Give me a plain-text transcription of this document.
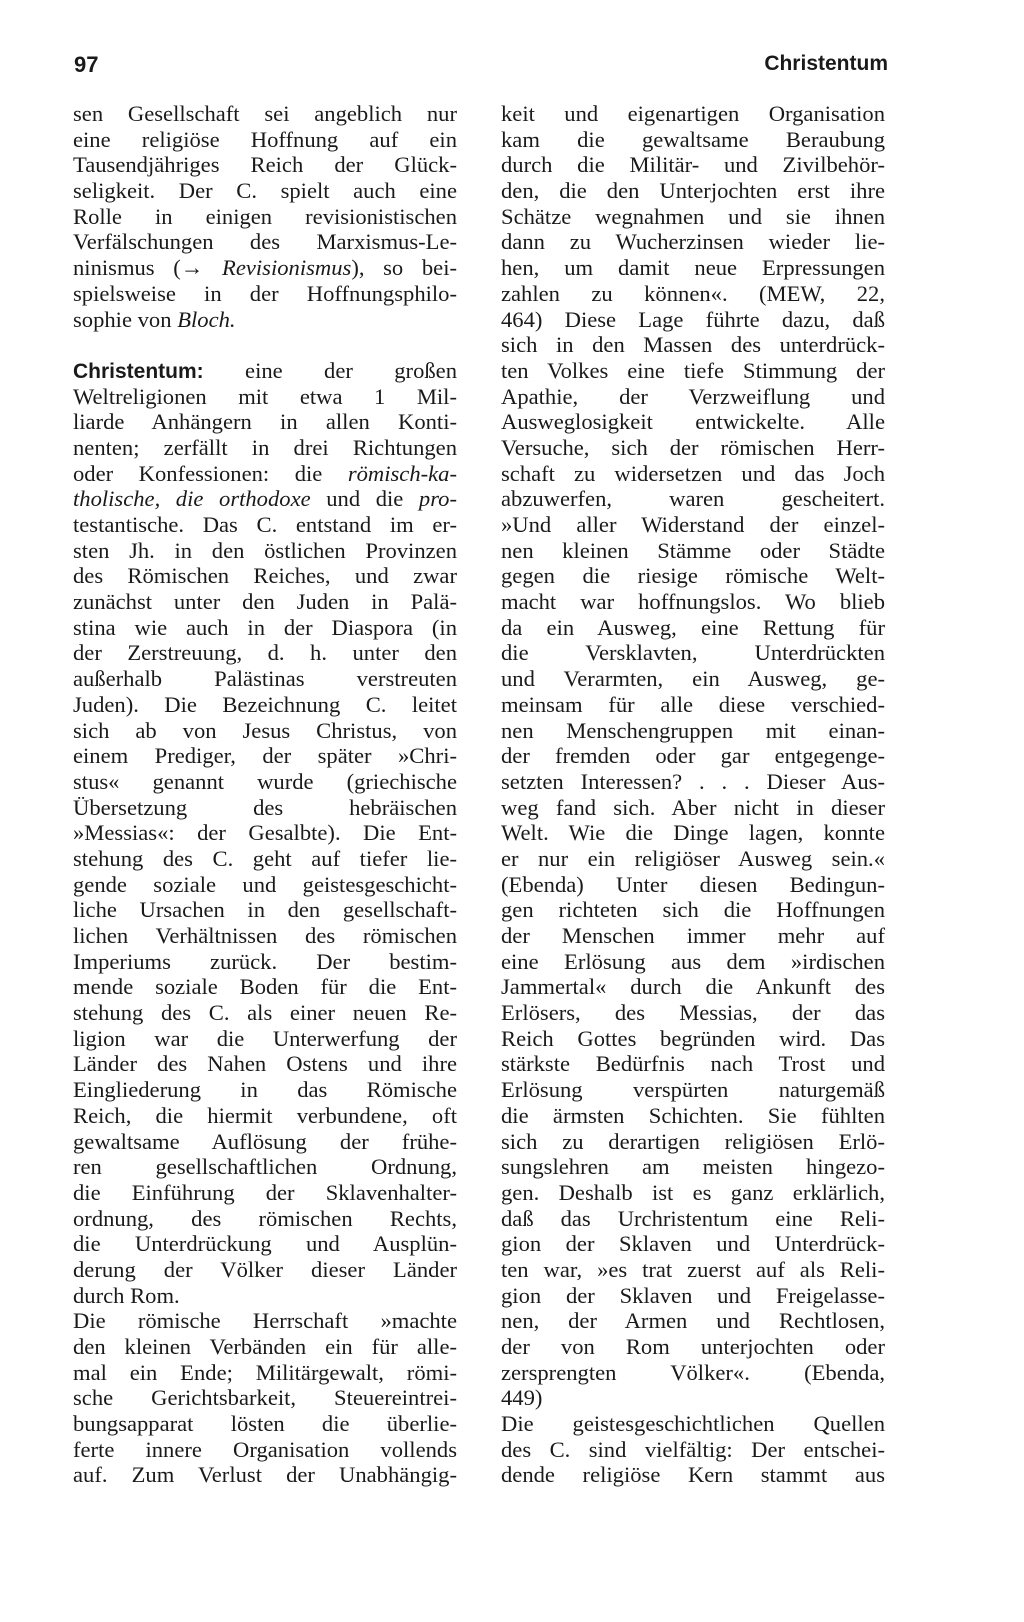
97	Christentum
sen Gesellschaft sei angeblich nur
eine religiöse Hoffnung auf ein
Tausendjähriges Reich der Glück-
seligkeit. Der C. spielt auch eine
Rolle in einigen revisionistischen
Verfälschungen des Marxismus-Le-
ninismus (→ Revisionismus), so bei-
spielsweise in der Hoffnungsphilo-
sophie von Bloch.
Christentum: eine der großen
Weltreligionen mit etwa 1 Mil-
liarde Anhängern in allen Konti-
nenten; zerfällt in drei Richtungen
oder Konfessionen: die römisch-ka-
tholische, die orthodoxe und die pro-
testantische. Das C. entstand im er-
sten Jh. in den östlichen Provinzen
des Römischen Reiches, und zwar
zunächst unter den Juden in Palä-
stina wie auch in der Diaspora (in
der Zerstreuung, d. h. unter den
außerhalb Palästinas verstreuten
Juden). Die Bezeichnung C. leitet
sich ab von Jesus Christus, von
einem Prediger, der später »Chri-
stus« genannt wurde (griechische
Übersetzung des hebräischen
»Messias«: der Gesalbte). Die Ent-
stehung des C. geht auf tiefer lie-
gende soziale und geistesgeschicht-
liche Ursachen in den gesellschaft-
lichen Verhältnissen des römischen
Imperiums zurück. Der bestim-
mende soziale Boden für die Ent-
stehung des C. als einer neuen Re-
ligion war die Unterwerfung der
Länder des Nahen Ostens und ihre
Eingliederung in das Römische
Reich, die hiermit verbundene, oft
gewaltsame Auflösung der frühe-
ren gesellschaftlichen Ordnung,
die Einführung der Sklavenhalter-
ordnung, des römischen Rechts,
die Unterdrückung und Ausplün-
derung der Völker dieser Länder
durch Rom.
Die römische Herrschaft »machte
den kleinen Verbänden ein für alle-
mal ein Ende; Militärgewalt, römi-
sche Gerichtsbarkeit, Steuereintrei-
bungsapparat lösten die überlie-
ferte innere Organisation vollends
auf. Zum Verlust der Unabhängig-
keit und eigenartigen Organisation
kam die gewaltsame Beraubung
durch die Militär- und Zivilbehör-
den, die den Unterjochten erst ihre
Schätze wegnahmen und sie ihnen
dann zu Wucherzinsen wieder lie-
hen, um damit neue Erpressungen
zahlen zu können«. (MEW, 22,
464) Diese Lage führte dazu, daß
sich in den Massen des unterdrück-
ten Volkes eine tiefe Stimmung der
Apathie, der Verzweiflung und
Ausweglosigkeit entwickelte. Alle
Versuche, sich der römischen Herr-
schaft zu widersetzen und das Joch
abzuwerfen, waren gescheitert.
»Und aller Widerstand der einzel-
nen kleinen Stämme oder Städte
gegen die riesige römische Welt-
macht war hoffnungslos. Wo blieb
da ein Ausweg, eine Rettung für
die Versklavten, Unterdrückten
und Verarmten, ein Ausweg, ge-
meinsam für alle diese verschied-
nen Menschengruppen mit einan-
der fremden oder gar entgegenge-
setzten Interessen? . . . Dieser Aus-
weg fand sich. Aber nicht in dieser
Welt. Wie die Dinge lagen, konnte
er nur ein religiöser Ausweg sein.«
(Ebenda) Unter diesen Bedingun-
gen richteten sich die Hoffnungen
der Menschen immer mehr auf
eine Erlösung aus dem »irdischen
Jammertal« durch die Ankunft des
Erlösers, des Messias, der das
Reich Gottes begründen wird. Das
stärkste Bedürfnis nach Trost und
Erlösung verspürten naturgemäß
die ärmsten Schichten. Sie fühlten
sich zu derartigen religiösen Erlö-
sungslehren am meisten hingezo-
gen. Deshalb ist es ganz erklärlich,
daß das Urchristentum eine Reli-
gion der Sklaven und Unterdrück-
ten war, »es trat zuerst auf als Reli-
gion der Sklaven und Freigelasse-
nen, der Armen und Rechtlosen,
der von Rom unterjochten oder
zersprengten Völker«. (Ebenda,
449)
Die geistesgeschichtlichen Quellen
des C. sind vielfältig: Der entschei-
dende religiöse Kern stammt aus
